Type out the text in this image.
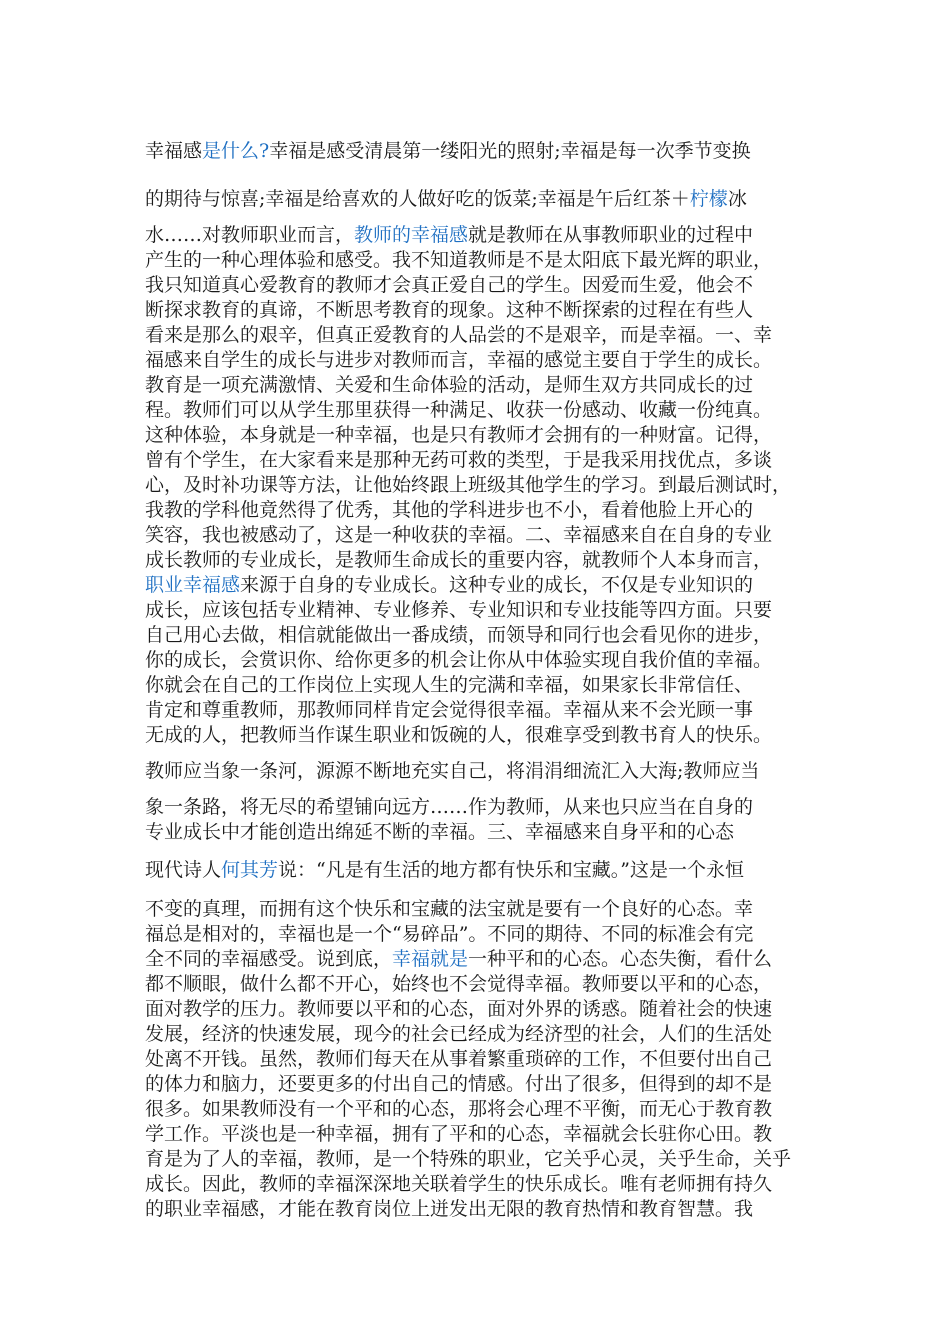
幸福感是什么?幸福是感受清晨第一缕阳光的照射;幸福是每一次季节变换
的期待与惊喜;幸福是给喜欢的人做好吃的饭菜;幸福是午后红茶＋柠檬冰
水……对教师职业而言，教师的幸福感就是教师在从事教师职业的过程中
产生的一种心理体验和感受。我不知道教师是不是太阳底下最光辉的职业，
我只知道真心爱教育的教师才会真正爱自己的学生。因爱而生爱，他会不
断探求教育的真谛，不断思考教育的现象。这种不断探索的过程在有些人
看来是那么的艰辛，但真正爱教育的人品尝的不是艰辛，而是幸福。一、幸
福感来自学生的成长与进步对教师而言，幸福的感觉主要自于学生的成长。
教育是一项充满激情、关爱和生命体验的活动，是师生双方共同成长的过
程。教师们可以从学生那里获得一种满足、收获一份感动、收藏一份纯真。
这种体验，本身就是一种幸福，也是只有教师才会拥有的一种财富。记得，
曾有个学生，在大家看来是那种无药可救的类型，于是我采用找优点，多谈
心，及时补功课等方法，让他始终跟上班级其他学生的学习。到最后测试时，
我教的学科他竟然得了优秀，其他的学科进步也不小，看着他脸上开心的
笑容，我也被感动了，这是一种收获的幸福。二、幸福感来自在自身的专业
成长教师的专业成长，是教师生命成长的重要内容，就教师个人本身而言，
职业幸福感来源于自身的专业成长。这种专业的成长，不仅是专业知识的
成长，应该包括专业精神、专业修养、专业知识和专业技能等四方面。只要
自己用心去做，相信就能做出一番成绩，而领导和同行也会看见你的进步，
你的成长，会赏识你、给你更多的机会让你从中体验实现自我价值的幸福。
你就会在自己的工作岗位上实现人生的完满和幸福，如果家长非常信任、
肯定和尊重教师，那教师同样肯定会觉得很幸福。幸福从来不会光顾一事
无成的人，把教师当作谋生职业和饭碗的人，很难享受到教书育人的快乐。
教师应当象一条河，源源不断地充实自己，将涓涓细流汇入大海;教师应当
象一条路，将无尽的希望铺向远方……作为教师，从来也只应当在自身的
专业成长中才能创造出绵延不断的幸福。三、幸福感来自身平和的心态
现代诗人何其芳说：“凡是有生活的地方都有快乐和宝藏。”这是一个永恒
不变的真理，而拥有这个快乐和宝藏的法宝就是要有一个良好的心态。幸
福总是相对的，幸福也是一个“易碎品”。不同的期待、不同的标准会有完
全不同的幸福感受。说到底，幸福就是一种平和的心态。心态失衡，看什么
都不顺眼，做什么都不开心，始终也不会觉得幸福。教师要以平和的心态，
面对教学的压力。教师要以平和的心态，面对外界的诱惑。随着社会的快速
发展，经济的快速发展，现今的社会已经成为经济型的社会，人们的生活处
处离不开钱。虽然，教师们每天在从事着繁重琐碎的工作，不但要付出自己
的体力和脑力，还要更多的付出自己的情感。付出了很多，但得到的却不是
很多。如果教师没有一个平和的心态，那将会心理不平衡，而无心于教育教
学工作。平淡也是一种幸福，拥有了平和的心态，幸福就会长驻你心田。教
育是为了人的幸福，教师，是一个特殊的职业，它关乎心灵，关乎生命，关乎
成长。因此，教师的幸福深深地关联着学生的快乐成长。唯有老师拥有持久
的职业幸福感，才能在教育岗位上迸发出无限的教育热情和教育智慧。我
